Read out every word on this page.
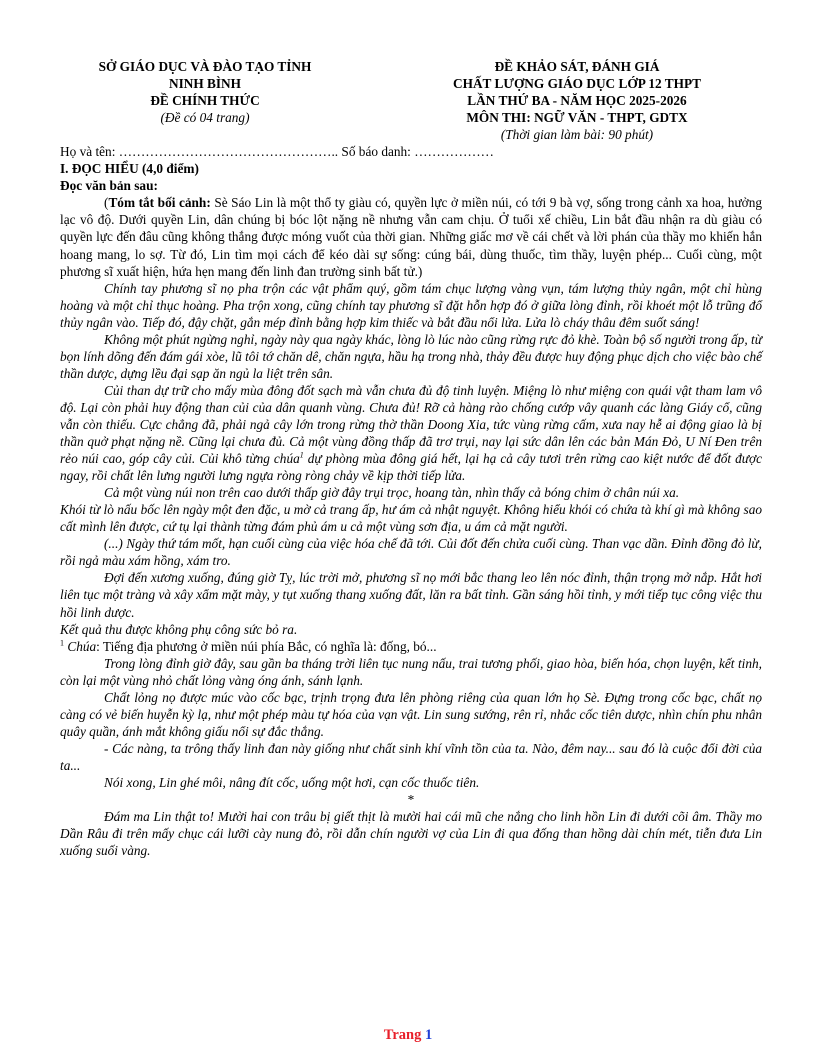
SỞ GIÁO DỤC VÀ ĐÀO TẠO TỈNH
NINH BÌNH
ĐỀ CHÍNH THỨC
(Đề có 04 trang)
ĐỀ KHẢO SÁT, ĐÁNH GIÁ
CHẤT LƯỢNG GIÁO DỤC LỚP 12 THPT
LẦN THỨ BA - NĂM HỌC 2025-2026
MÔN THI: NGỮ VĂN - THPT, GDTX
(Thời gian làm bài: 90 phút)

Họ và tên: ………………………………………….. Số báo danh: ………………

I. ĐỌC HIỂU (4,0 điểm)

Đọc văn bản sau:

(Tóm tắt bối cảnh: Sè Sáo Lin là một thổ ty giàu có, quyền lực ở miền núi, có tới 9 bà vợ, sống trong cảnh xa hoa, hưởng lạc vô độ. Dưới quyền Lin, dân chúng bị bóc lột nặng nề nhưng vẫn cam chịu. Ở tuổi xế chiều, Lin bắt đầu nhận ra dù giàu có quyền lực đến đâu cũng không thắng được móng vuốt của thời gian. Những giấc mơ về cái chết và lời phán của thầy mo khiến hắn hoang mang, lo sợ. Từ đó, Lin tìm mọi cách để kéo dài sự sống: cúng bái, dùng thuốc, tìm thầy, luyện phép... Cuối cùng, một phương sĩ xuất hiện, hứa hẹn mang đến linh đan trường sinh bất tử.)

Chính tay phương sĩ nọ pha trộn các vật phẩm quý, gồm tám chục lượng vàng vụn, tám lượng thủy ngân, một chỉ hùng hoàng và một chỉ thục hoàng. Pha trộn xong, cũng chính tay phương sĩ đặt hỗn hợp đó ở giữa lòng đỉnh, rồi khoét một lỗ trũng đổ thủy ngân vào. Tiếp đó, đậy chặt, gắn mép đỉnh bằng hợp kim thiếc và bắt đầu nổi lửa. Lửa lò cháy thâu đêm suốt sáng!

Không một phút ngừng nghỉ, ngày này qua ngày khác, lòng lò lúc nào cũng rừng rực đỏ khè. Toàn bộ số người trong ấp, từ bọn lính dõng đến đám gái xòe, lũ tôi tớ chăn dê, chăn ngựa, hầu hạ trong nhà, thảy đều được huy động phục dịch cho việc bào chế thần dược, dựng lều đại sạp ăn ngủ la liệt trên sân.

Củi than dự trữ cho mấy mùa đông đốt sạch mà vẫn chưa đủ độ tinh luyện. Miệng lò như miệng con quái vật tham lam vô độ. Lại còn phải huy động than củi của dân quanh vùng. Chưa đủ! Rỡ cả hàng rào chống cướp vây quanh các làng Giáy cổ, cũng vẫn còn thiếu. Cực chẳng đã, phải ngả cây lớn trong rừng thờ thần Doong Xia, tức vùng rừng cấm, xưa nay hễ ai động giao là bị thần quở phạt nặng nề. Cũng lại chưa đủ. Cả một vùng đồng thấp đã trơ trụi, nay lại sức dân lên các bản Mán Đỏ, U Ní Đen trên rẻo núi cao, góp cây củi. Củi khô từng chúa$^1$ dự phòng mùa đông giá hết, lại hạ cả cây tươi trên rừng cao kiệt nước để đốt được ngay, rồi chất lên lưng người lưng ngựa ròng ròng chảy về kịp thời tiếp lửa.

Cả một vùng núi non trên cao dưới thấp giờ đây trụi trọc, hoang tàn, nhìn thấy cả bóng chim ở chân núi xa.

Khói từ lò nấu bốc lên ngày một đen đặc, u mờ cả trang ấp, hư ám cả nhật nguyệt. Không hiểu khói có chứa tà khí gì mà không sao cất mình lên được, cứ tụ lại thành từng đám phủ ám u cả một vùng sơn địa, u ám cả mặt người.

(...) Ngày thứ tám mốt, hạn cuối cùng của việc hóa chế đã tới. Củi đốt đến chửa cuối cùng. Than vạc dần. Đỉnh đồng đỏ lừ, rồi ngả màu xám hồng, xám tro.

Đợi đến xương xuống, đúng giờ Tỵ, lúc trời mở, phương sĩ nọ mới bắc thang leo lên nóc đỉnh, thận trọng mở nắp. Hắt hơi liên tục một tràng và xây xẩm mặt mày, y tụt xuống thang xuống đất, lăn ra bất tỉnh. Gần sáng hồi tỉnh, y mới tiếp tục công việc thu hồi linh dược.

Kết quả thu được không phụ công sức bỏ ra.

$^1$ Chúa: Tiếng địa phương ở miền núi phía Bắc, có nghĩa là: đống, bó...

Trong lòng đỉnh giờ đây, sau gần ba tháng trời liên tục nung nấu, trai tương phối, giao hòa, biến hóa, chọn luyện, kết tinh, còn lại một vùng nhỏ chất lỏng vàng óng ánh, sánh lạnh.

Chất lỏng nọ được múc vào cốc bạc, trịnh trọng đưa lên phòng riêng của quan lớn họ Sè. Đựng trong cốc bạc, chất nọ càng có vẻ biến huyễn kỳ lạ, như một phép màu tự hóa của vạn vật. Lin sung sướng, rên rỉ, nhắc cốc tiên dược, nhìn chín phu nhân quây quần, ánh mắt không giấu nổi sự đắc thắng.

- Các nàng, ta trông thấy linh đan này giống như chất sinh khí vĩnh tồn của ta. Nào, đêm nay... sau đó là cuộc đổi đời của ta...

Nói xong, Lin ghé môi, nâng đít cốc, uống một hơi, cạn cốc thuốc tiên.

*

Đám ma Lin thật to! Mười hai con trâu bị giết thịt là mười hai cái mũ che nắng cho linh hồn Lin đi dưới cõi âm. Thầy mo Dần Râu đi trên mấy chục cái lưỡi cày nung đỏ, rồi dẫn chín người vợ của Lin đi qua đống than hồng dài chín mét, tiễn đưa Lin xuống suối vàng.

Trang 1
